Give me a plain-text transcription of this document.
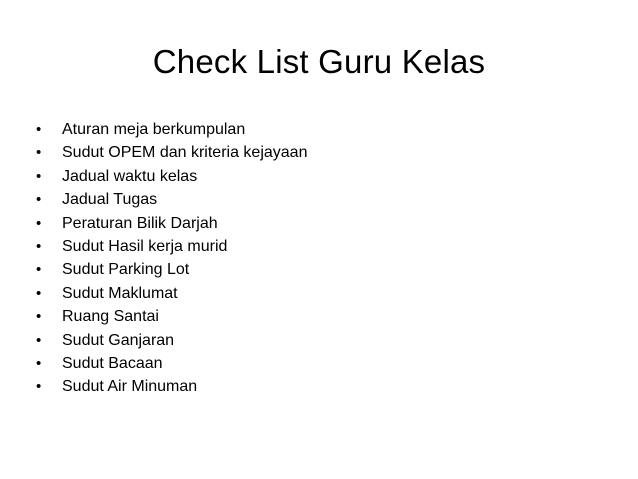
Check List Guru Kelas
•	Aturan meja berkumpulan
•	Sudut OPEM dan kriteria kejayaan
•	Jadual waktu kelas
•	Jadual Tugas
•	Peraturan Bilik Darjah
•	Sudut Hasil kerja murid
•	Sudut Parking Lot
•	Sudut Maklumat
•	Ruang Santai
•	Sudut Ganjaran
•	Sudut Bacaan
•	Sudut Air Minuman
